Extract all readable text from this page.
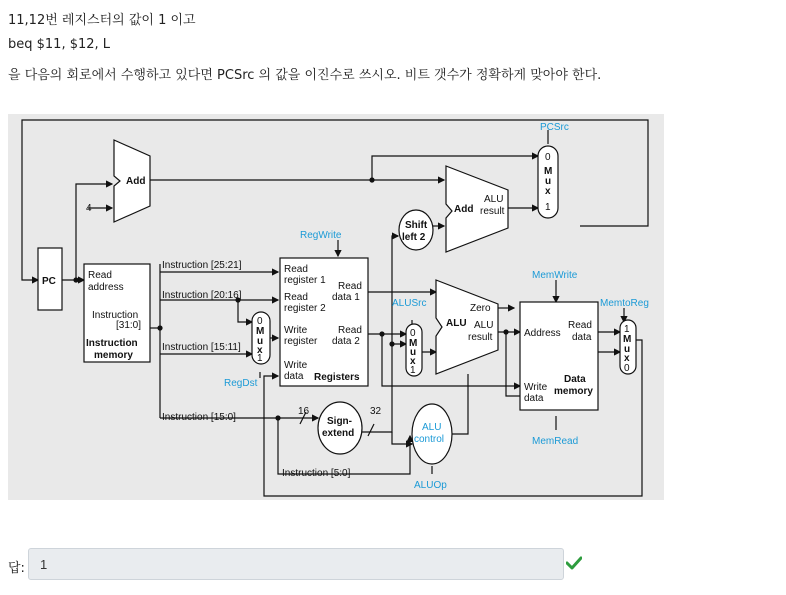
11,12번 레지스터의 값이 1 이고
beq $11, $12, L
을 다음의 회로에서 수행하고 있다면 PCSrc 의 값을 이진수로 쓰시오. 비트 갯수가 정확하게 맞아야 한다.
Add
4	Add
ALU
result
PCSrc
0
M
u
x
1
Shift
left 2
PC
Read
address
Instruction
[31:0]
Instruction
memory
Instruction [25:21]
Instruction [20:16]
Instruction [15:11]
Instruction [15:0]
Instruction [5:0]
0
M
u
x
1
RegDst
RegWrite
Read
register 1
Read
register 2
Write
register
Write
data
Read
data 1
Read
data 2
Registers
Sign-
extend
16	32
ALUSrc
0
M
u
x
1
Zero
ALU ALU
result
ALU
control
ALUOp
MemWrite
Address
Read
data
Write
data
Data
memory
MemRead
MemtoReg
1
M
u
x
0
답: 1
